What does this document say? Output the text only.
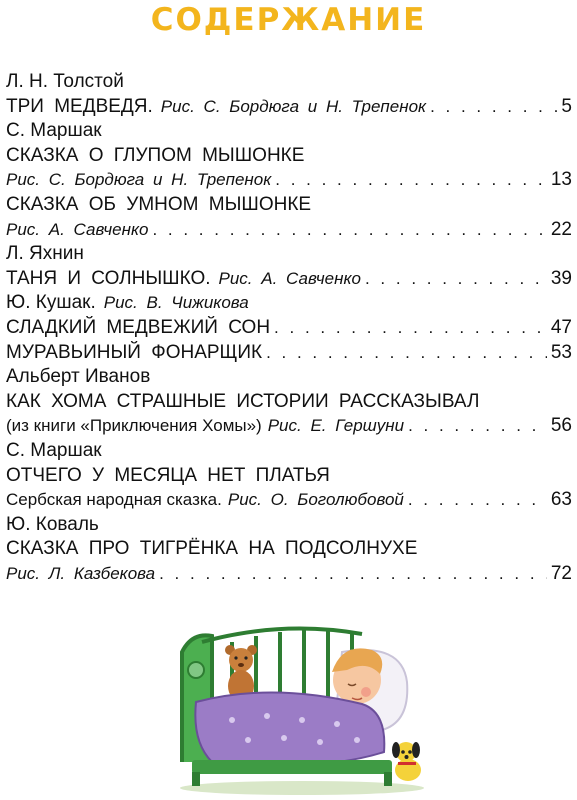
СОДЕРЖАНИЕ
Л. Н. Толстой
ТРИ МЕДВЕДЯ. Рис. С. Бордюга и Н. Трепенок . . .	5
С. Маршак
СКАЗКА О ГЛУПОМ МЫШОНКЕ
Рис. С. Бордюга и Н. Трепенок . . .	13
СКАЗКА ОБ УМНОМ МЫШОНКЕ
Рис. А. Савченко . . .	22
Л. Яхнин
ТАНЯ И СОЛНЫШКО. Рис. А. Савченко . . .	39
Ю. Кушак. Рис. В. Чижикова
СЛАДКИЙ МЕДВЕЖИЙ СОН . . .	47
МУРАВЬИНЫЙ ФОНАРЩИК . . .	53
Альберт Иванов
КАК ХОМА СТРАШНЫЕ ИСТОРИИ РАССКАЗЫВАЛ
(из книги «Приключения Хомы») Рис. Е. Гершуни . . .	56
С. Маршак
ОТЧЕГО У МЕСЯЦА НЕТ ПЛАТЬЯ
Сербская народная сказка. Рис. О. Боголюбовой . . .	63
Ю. Коваль
СКАЗКА ПРО ТИГРЁНКА НА ПОДСОЛНУХЕ
Рис. Л. Казбекова . . .	72
